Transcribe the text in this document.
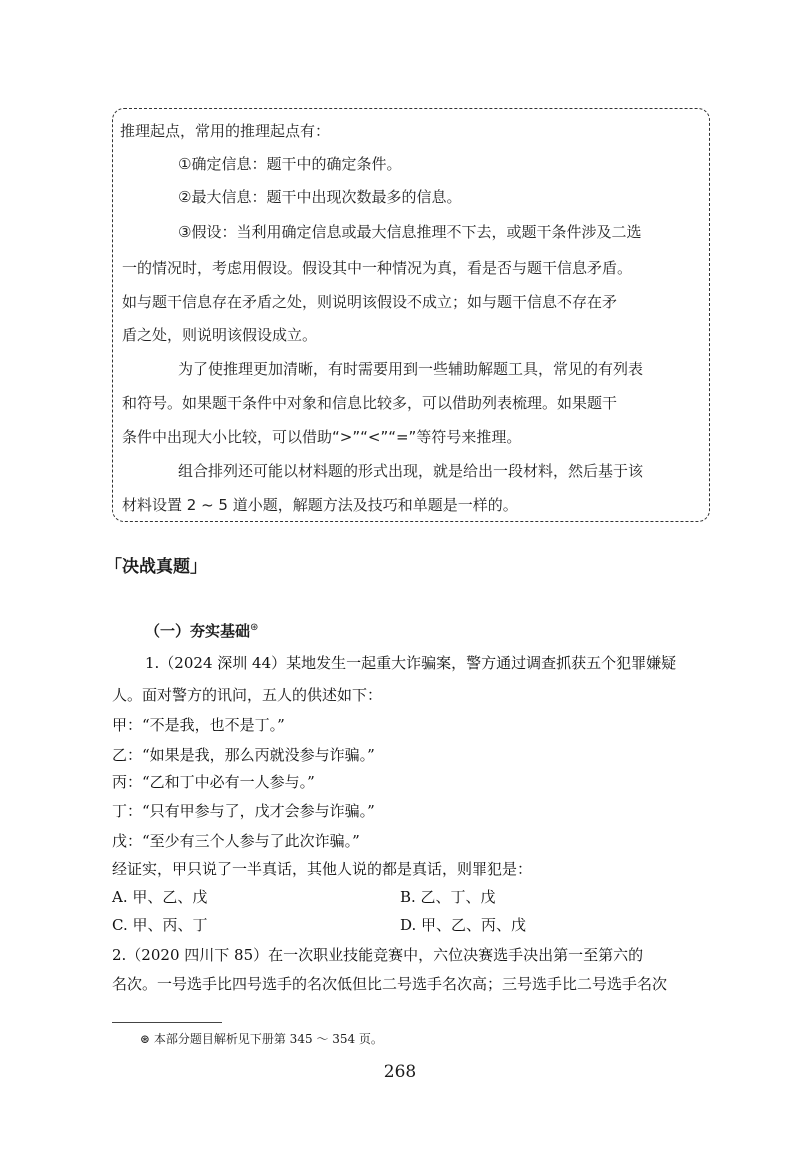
推理起点，常用的推理起点有：
①确定信息：题干中的确定条件。
②最大信息：题干中出现次数最多的信息。
③假设：当利用确定信息或最大信息推理不下去，或题干条件涉及二选
一的情况时，考虑用假设。假设其中一种情况为真，看是否与题干信息矛盾。
如与题干信息存在矛盾之处，则说明该假设不成立；如与题干信息不存在矛
盾之处，则说明该假设成立。
为了使推理更加清晰，有时需要用到一些辅助解题工具，常见的有列表
和符号。如果题干条件中对象和信息比较多，可以借助列表梳理。如果题干
条件中出现大小比较，可以借助“>”“<”“=”等符号来推理。
组合排列还可能以材料题的形式出现，就是给出一段材料，然后基于该
材料设置 2 ~ 5 道小题，解题方法及技巧和单题是一样的。
「决战真题」
（一）夯实基础⊛
1.（2024 深圳 44）某地发生一起重大诈骗案，警方通过调查抓获五个犯罪嫌疑
人。面对警方的讯问，五人的供述如下：
甲：“不是我，也不是丁。”
乙：“如果是我，那么丙就没参与诈骗。”
丙：“乙和丁中必有一人参与。”
丁：“只有甲参与了，戊才会参与诈骗。”
戊：“至少有三个人参与了此次诈骗。”
经证实，甲只说了一半真话，其他人说的都是真话，则罪犯是：
A. 甲、乙、戊	B. 乙、丁、戊
C. 甲、丙、丁	D. 甲、乙、丙、戊
2.（2020 四川下 85）在一次职业技能竞赛中，六位决赛选手决出第一至第六的
名次。一号选手比四号选手的名次低但比二号选手名次高；三号选手比二号选手名次
⊛ 本部分题目解析见下册第 345 ～ 354 页。
268
